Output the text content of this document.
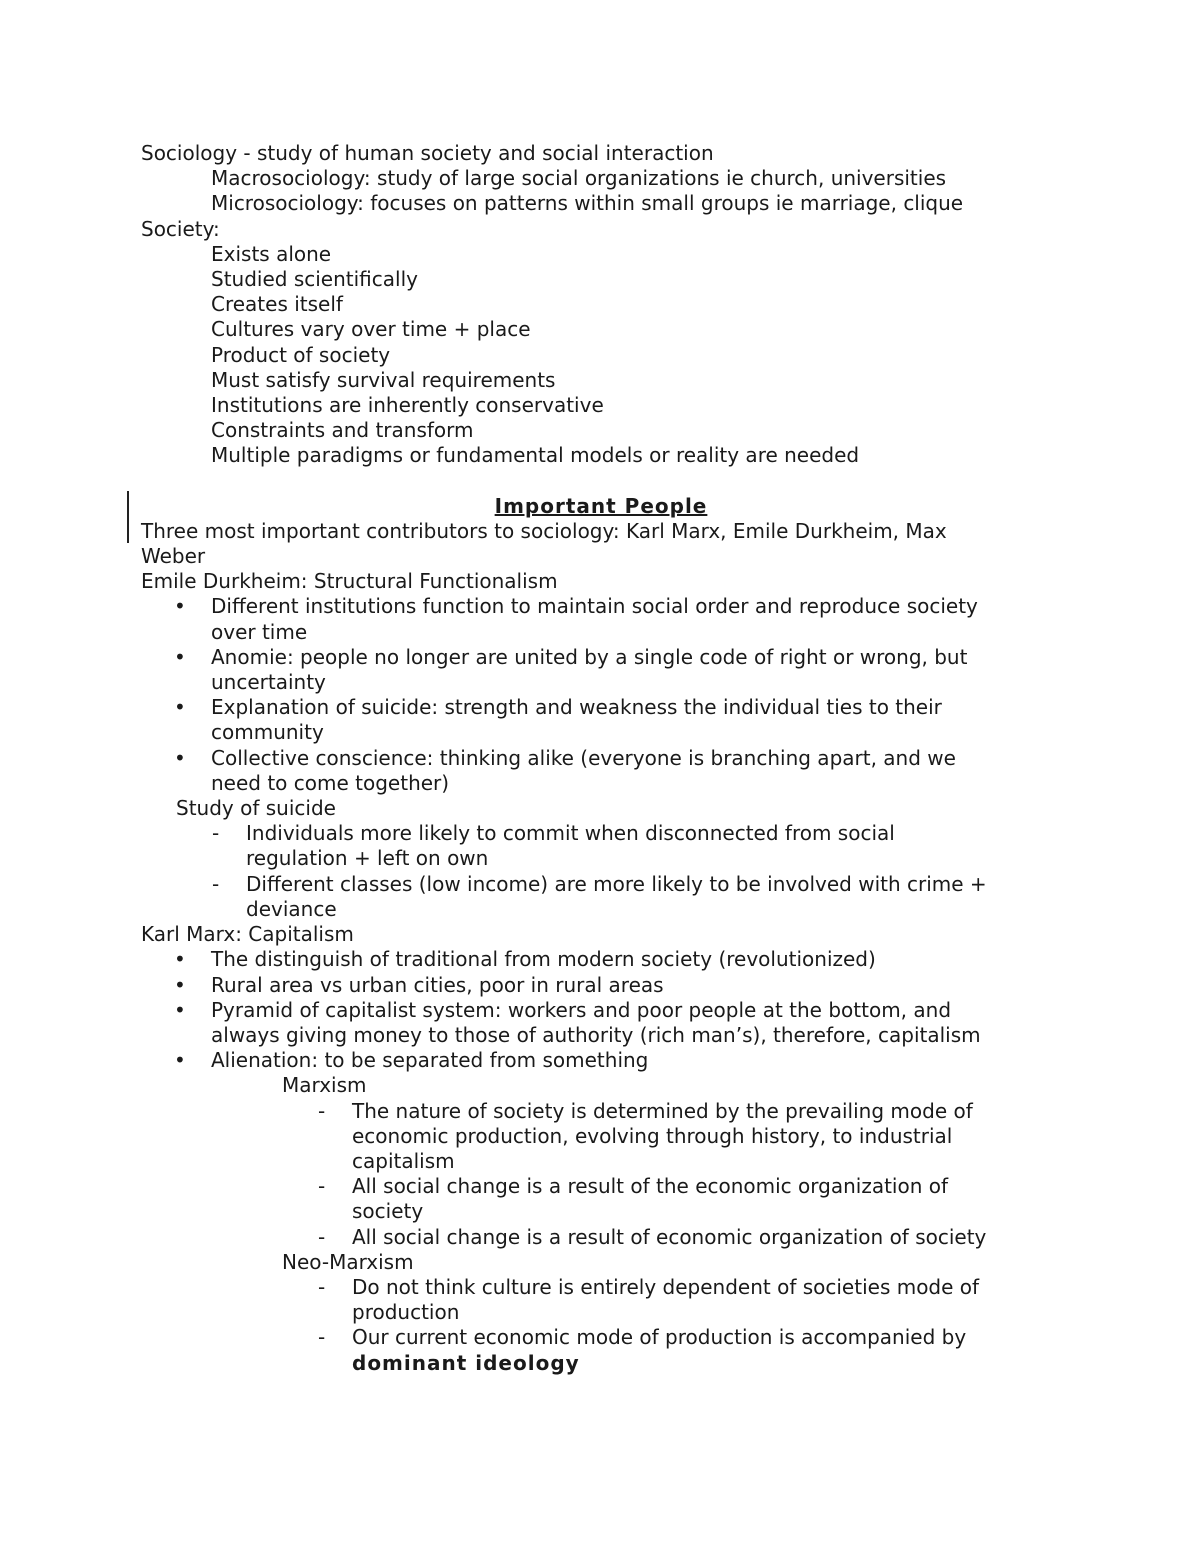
Sociology - study of human society and social interaction
Macrosociology: study of large social organizations ie church, universities
Microsociology: focuses on patterns within small groups ie marriage, clique
Society:
Exists alone
Studied scientifically
Creates itself
Cultures vary over time + place
Product of society
Must satisfy survival requirements
Institutions are inherently conservative
Constraints and transform
Multiple paradigms or fundamental models or reality are needed
Important People
Three most important contributors to sociology: Karl Marx, Emile Durkheim, Max
Weber
Emile Durkheim: Structural Functionalism
• Different institutions function to maintain social order and reproduce society
over time
• Anomie: people no longer are united by a single code of right or wrong, but
uncertainty
• Explanation of suicide: strength and weakness the individual ties to their
community
• Collective conscience: thinking alike (everyone is branching apart, and we
need to come together)
Study of suicide
- Individuals more likely to commit when disconnected from social
regulation + left on own
- Different classes (low income) are more likely to be involved with crime +
deviance
Karl Marx: Capitalism
• The distinguish of traditional from modern society (revolutionized)
• Rural area vs urban cities, poor in rural areas
• Pyramid of capitalist system: workers and poor people at the bottom, and
always giving money to those of authority (rich man’s), therefore, capitalism
• Alienation: to be separated from something
Marxism
- The nature of society is determined by the prevailing mode of
economic production, evolving through history, to industrial
capitalism
- All social change is a result of the economic organization of
society
- All social change is a result of economic organization of society
Neo-Marxism
- Do not think culture is entirely dependent of societies mode of
production
- Our current economic mode of production is accompanied by
dominant ideology
